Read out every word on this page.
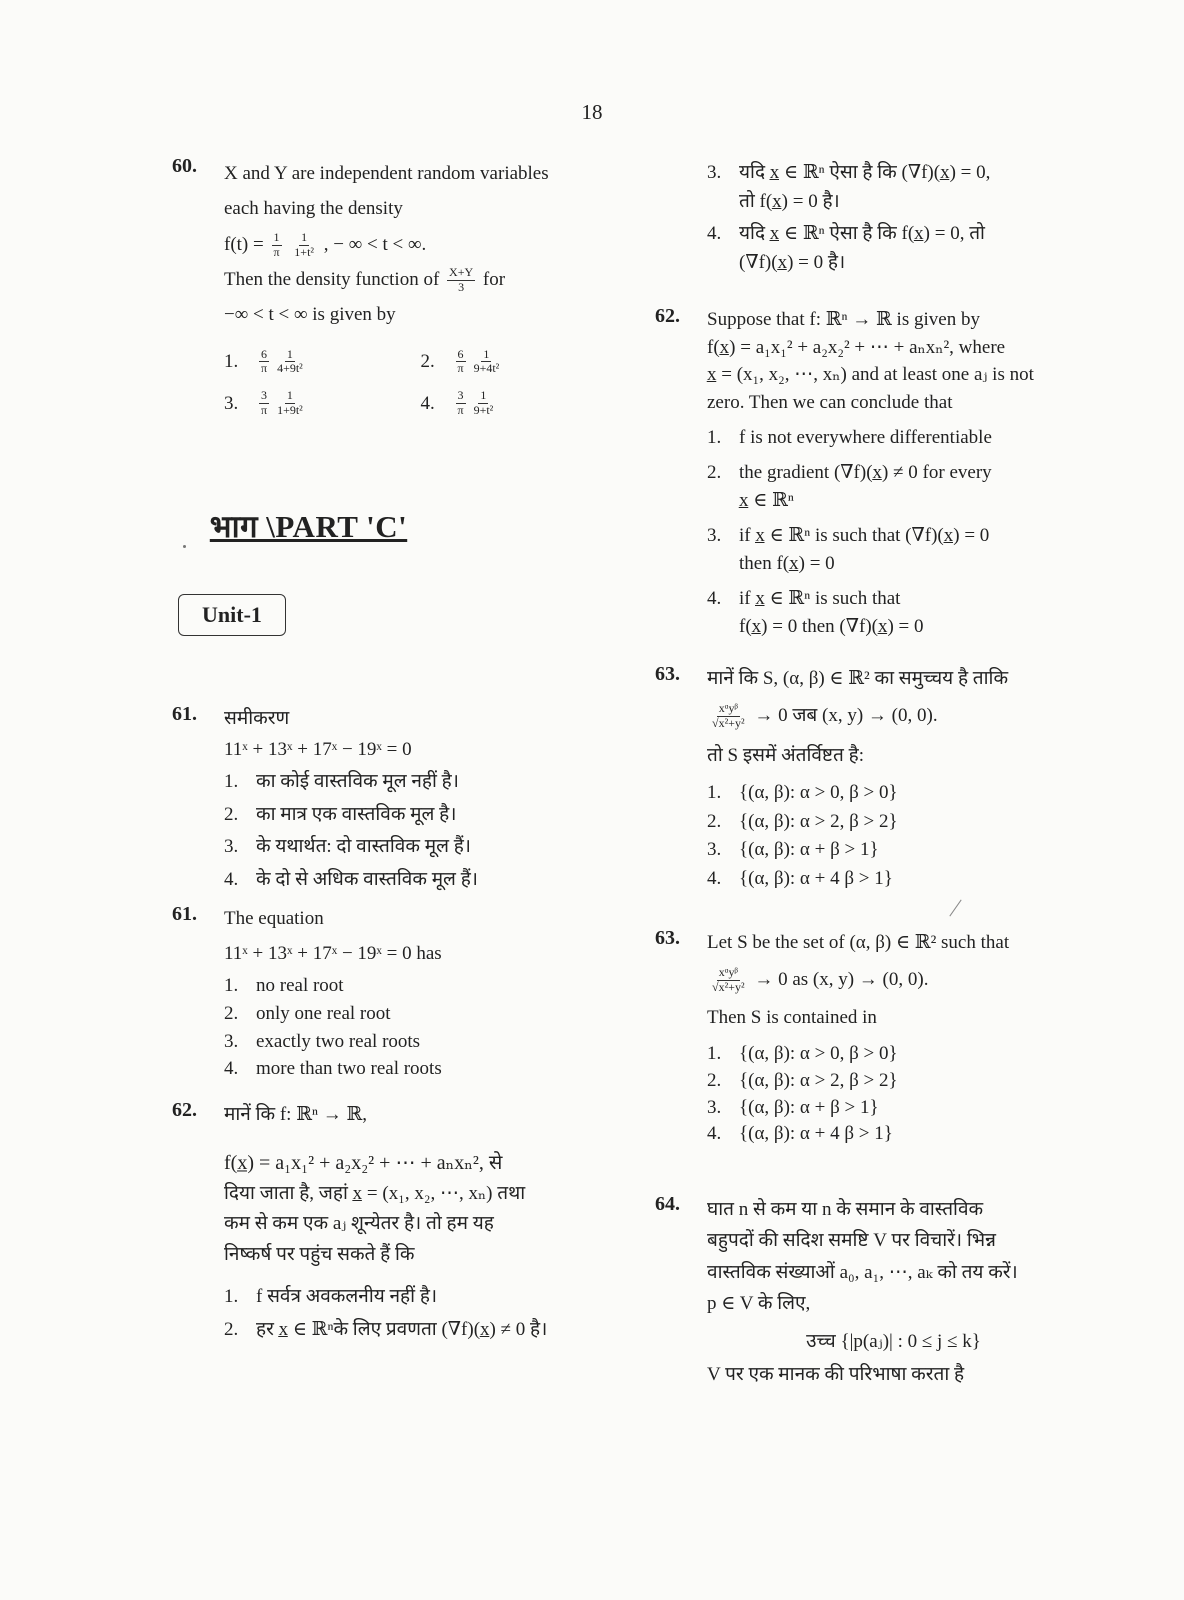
18
60.	X and Y are independent random variables
each having the density
$f(t) = \frac{1}{\pi}$
$\frac{1}{\text{1+t²}}$ , − ∞ < t < ∞.
Then the density function of $\frac{X+Y}{3}$ for
−∞ < t < ∞ is given by
1.	$\frac{6}{\pi} \frac{1}{\text{4+9t²}}$	2.	$\frac{6}{\pi} \frac{1}{\text{9+4t²}}$
3.	$\frac{3}{\pi} \frac{1}{\text{1+9t²}}$	4.	$\frac{3}{\pi} \frac{1}{\text{9+t²}}$
61.	समीकरण
11ˣ + 13ˣ + 17ˣ − 19ˣ = 0
1. का कोई वास्तविक मूल नहीं है।
2. का मात्र एक वास्तविक मूल है।
3. के यथार्थत: दो वास्तविक मूल हैं।
4. के दो से अधिक वास्तविक मूल हैं।
61.	The equation
11ˣ + 13ˣ + 17ˣ − 19ˣ = 0 has
1. no real root
2. only one real root
3. exactly two real roots
4. more than two real roots
62.	मानें कि f: ℝⁿ → ℝ,
f(x̲) = a₁x₁² + a₂x₂² + ⋯ + aₙxₙ², से
दिया जाता है, जहां x̲ = (x₁, x₂, ⋯, xₙ) तथा
कम से कम एक aⱼ शून्येतर है। तो हम यह
निष्कर्ष पर पहुंच सकते हैं कि
1. f सर्वत्र अवकलनीय नहीं है।
2. हर x̲ ∈ ℝⁿके लिए प्रवणता (∇f)(x̲) ≠ 0 है।
भाग \PART 'C'
Unit-1
3. यदि x̲ ∈ ℝⁿ ऐसा है कि (∇f)(x̲) = 0,
तो f(x̲) = 0 है।
4. यदि x̲ ∈ ℝⁿ ऐसा है कि f(x̲) = 0, तो
(∇f)(x̲) = 0 है।
62.	Suppose that f: ℝⁿ → ℝ is given by
f(x̲) = a₁x₁² + a₂x₂² + ⋯ + aₙxₙ², where
x̲ = (x₁, x₂, ⋯, xₙ) and at least one aⱼ is not
zero. Then we can conclude that
1. f is not everywhere differentiable
2. the gradient (∇f)(x̲) ≠ 0 for every
x̲ ∈ ℝⁿ
3. if x̲ ∈ ℝⁿ is such that (∇f)(x̲) = 0
then f(x̲) = 0
4. if x̲ ∈ ℝⁿ is such that
f(x̲) = 0 then (∇f)(x̲) = 0
63.	मानें कि S, (α, β) ∈ ℝ² का समुच्चय है ताकि
$\frac{\text{xᵅyᵝ}}{\text{√x²+y²}} \to 0$ जब (x, y) → (0, 0).
तो S इसमें अंतर्विष्टत है:
1. {(α, β): α > 0, β > 0}
2. {(α, β): α > 2, β > 2}
3. {(α, β): α + β > 1}
4. {(α, β): α + 4 β > 1}
63.	Let S be the set of (α, β) ∈ ℝ² such that
$\frac{\text{xᵅyᵝ}}{\text{√x²+y²}} \to 0$ as (x, y) → (0, 0).
Then S is contained in
1. {(α, β): α > 0, β > 0}
2. {(α, β): α > 2, β > 2}
3. {(α, β): α + β > 1}
4. {(α, β): α + 4 β > 1}
64.	घात n से कम या n के समान के वास्तविक
बहुपदों की सदिश समष्टि V पर विचारें। भिन्न
वास्तविक संख्याओं a₀, a₁, ⋯, aₖ को तय करें।
p ∈ V के लिए,
उच्च {|p(aⱼ)| : 0 ≤ j ≤ k}
V पर एक मानक की परिभाषा करता है
